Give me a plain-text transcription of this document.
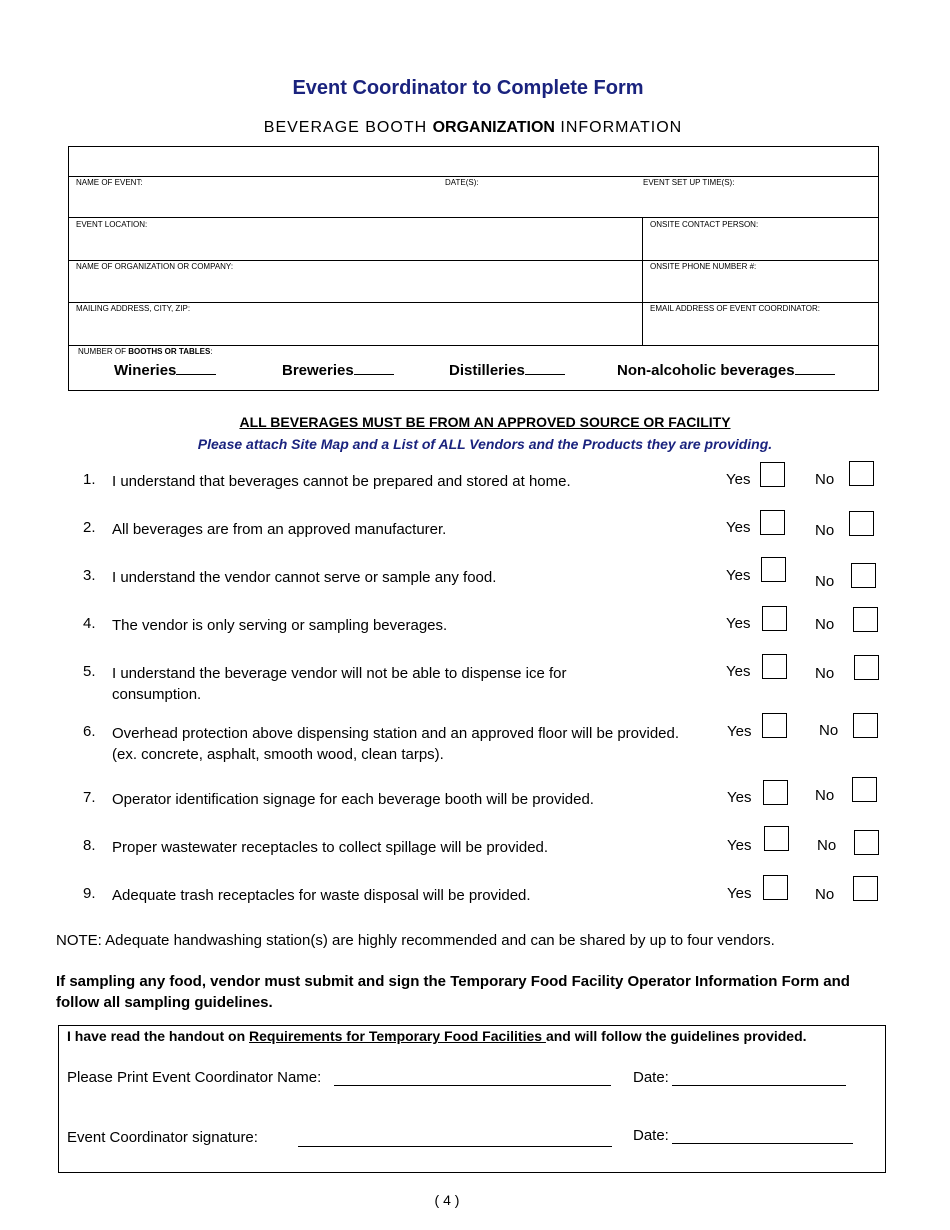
Event Coordinator to Complete Form
BEVERAGE BOOTH ORGANIZATION INFORMATION
NAME OF EVENT:	DATE(S):	EVENT SET UP TIME(S):
EVENT LOCATION:	ONSITE CONTACT PERSON:
NAME OF ORGANIZATION OR COMPANY:	ONSITE PHONE NUMBER #:
MAILING ADDRESS, CITY, ZIP:	EMAIL ADDRESS OF EVENT COORDINATOR:
NUMBER OF BOOTHS OR TABLES:
Wineries	Breweries	Distilleries	Non-alcoholic beverages
ALL BEVERAGES MUST BE FROM AN APPROVED SOURCE OR FACILITY
Please attach Site Map and a List of ALL Vendors and the Products they are providing.
1.	I understand that beverages cannot be prepared and stored at home.	Yes	No
2.	All beverages are from an approved manufacturer.	Yes	No
3.	I understand the vendor cannot serve or sample any food.	Yes	No
4.	The vendor is only serving or sampling beverages.	Yes	No
5.	I understand the beverage vendor will not be able to dispense ice for
consumption.
Yes	No
6.	Overhead protection above dispensing station and an approved floor will be provided.
(ex. concrete, asphalt, smooth wood, clean tarps).
Yes	No
7.	Operator identification signage for each beverage booth will be provided.	Yes	No
8.	Proper wastewater receptacles to collect spillage will be provided.	Yes	No
9.	Adequate trash receptacles for waste disposal will be provided.	Yes	No
NOTE: Adequate handwashing station(s) are highly recommended and can be shared by up to four vendors.
If sampling any food, vendor must submit and sign the Temporary Food Facility Operator Information Form and follow all sampling guidelines.
I have read the handout on Requirements for Temporary Food Facilities and will follow the guidelines provided.
Please Print Event Coordinator Name:	Date:
Event Coordinator signature:	Date:
( 4 )
